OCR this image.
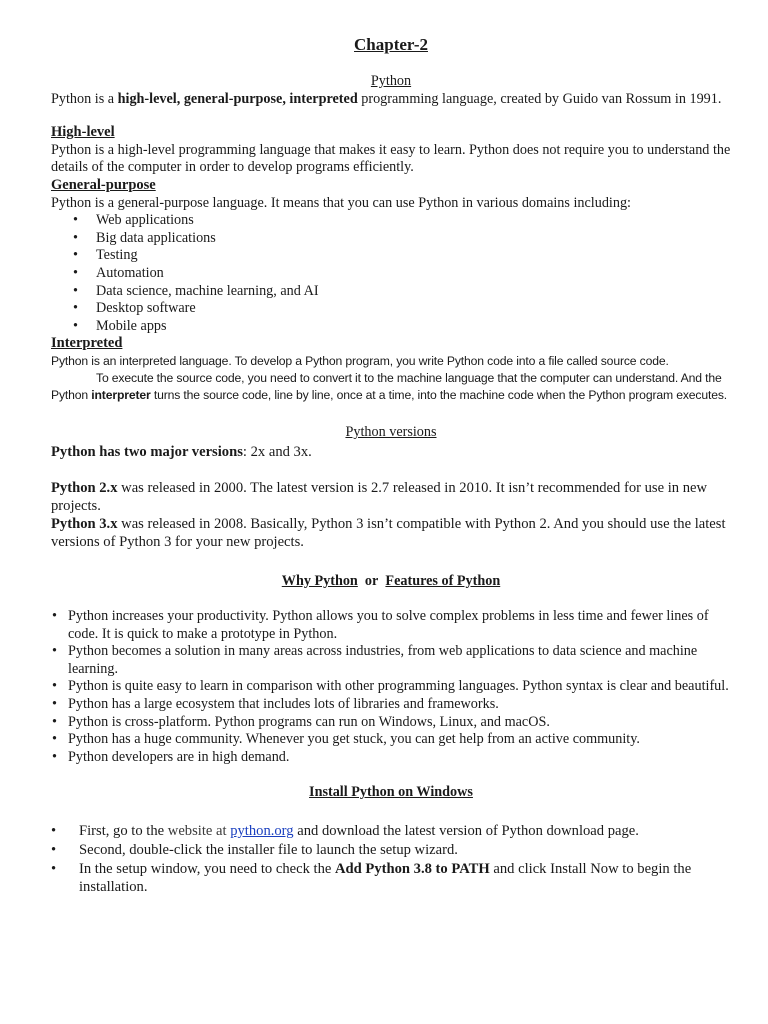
Chapter-2

Python

Python is a high-level, general-purpose, interpreted programming language, created by Guido van Rossum in 1991.

High-level

Python is a high-level programming language that makes it easy to learn. Python does not require you to understand the details of the computer in order to develop programs efficiently.

General-purpose

Python is a general-purpose language. It means that you can use Python in various domains including:

• Web applications
• Big data applications
• Testing
• Automation
• Data science, machine learning, and AI
• Desktop software
• Mobile apps
Interpreted

Python is an interpreted language. To develop a Python program, you write Python code into a file called source code.
To execute the source code, you need to convert it to the machine language that the computer can understand. And the Python interpreter turns the source code, line by line, once at a time, into the machine code when the Python program executes.

Python versions

Python has two major versions: 2x and 3x.

Python 2.x was released in 2000. The latest version is 2.7 released in 2010. It isn’t recommended for use in new projects.

Python 3.x was released in 2008. Basically, Python 3 isn’t compatible with Python 2. And you should use the latest versions of Python 3 for your new projects.

Why Python or Features of Python

• Python increases your productivity. Python allows you to solve complex problems in less time and fewer lines of code. It is quick to make a prototype in Python.
• Python becomes a solution in many areas across industries, from web applications to data science and machine learning.
• Python is quite easy to learn in comparison with other programming languages. Python syntax is clear and beautiful.
• Python has a large ecosystem that includes lots of libraries and frameworks.
• Python is cross-platform. Python programs can run on Windows, Linux, and macOS.
• Python has a huge community. Whenever you get stuck, you can get help from an active community.
• Python developers are in high demand.

Install Python on Windows

• First, go to the website at python.org and download the latest version of Python download page.
• Second, double-click the installer file to launch the setup wizard.
• In the setup window, you need to check the Add Python 3.8 to PATH and click Install Now to begin the installation.
